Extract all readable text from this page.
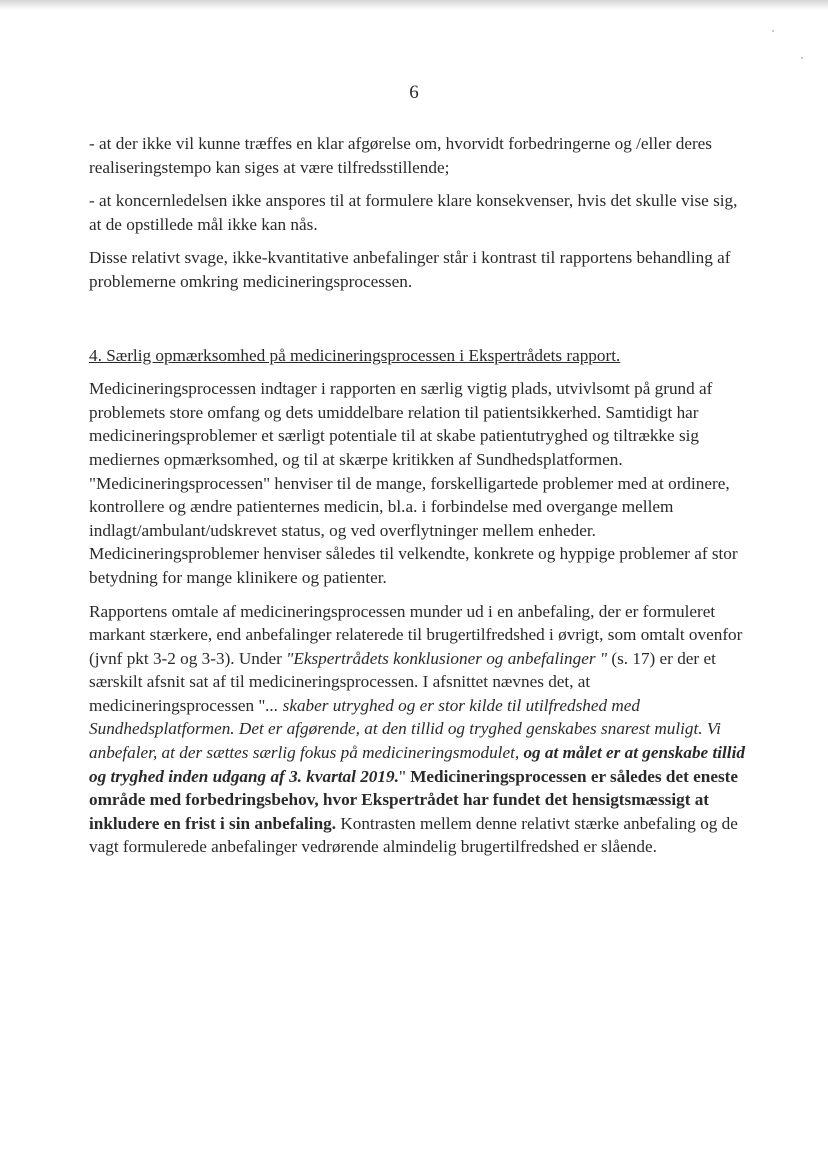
6

- at der ikke vil kunne træffes en klar afgørelse om, hvorvidt forbedringerne og /eller deres realiseringstempo kan siges at være tilfredsstillende;

- at koncernledelsen ikke anspores til at formulere klare konsekvenser, hvis det skulle vise sig, at de opstillede mål ikke kan nås.

Disse relativt svage, ikke-kvantitative anbefalinger står i kontrast til rapportens behandling af problemerne omkring medicineringsprocessen.

4. Særlig opmærksomhed på medicineringsprocessen i Ekspertrådets rapport.

Medicineringsprocessen indtager i rapporten en særlig vigtig plads, utvivlsomt på grund af problemets store omfang og dets umiddelbare relation til patientsikkerhed. Samtidigt har medicineringsproblemer et særligt potentiale til at skabe patientutryghed og tiltrække sig mediernes opmærksomhed, og til at skærpe kritikken af Sundhedsplatformen. "Medicineringsprocessen" henviser til de mange, forskelligartede problemer med at ordinere, kontrollere og ændre patienternes medicin, bl.a. i forbindelse med overgange mellem indlagt/ambulant/udskrevet status, og ved overflytninger mellem enheder. Medicineringsproblemer henviser således til velkendte, konkrete og hyppige problemer af stor betydning for mange klinikere og patienter.

Rapportens omtale af medicineringsprocessen munder ud i en anbefaling, der er formuleret markant stærkere, end anbefalinger relaterede til brugertilfredshed i øvrigt, som omtalt ovenfor (jvnf pkt 3-2 og 3-3). Under "Ekspertrådets konklusioner og anbefalinger " (s. 17) er der et særskilt afsnit sat af til medicineringsprocessen. I afsnittet nævnes det, at medicineringsprocessen "... skaber utryghed og er stor kilde til utilfredshed med Sundhedsplatformen. Det er afgørende, at den tillid og tryghed genskabes snarest muligt. Vi anbefaler, at der sættes særlig fokus på medicineringsmodulet, og at målet er at genskabe tillid og tryghed inden udgang af 3. kvartal 2019." Medicineringsprocessen er således det eneste område med forbedringsbehov, hvor Ekspertrådet har fundet det hensigtsmæssigt at inkludere en frist i sin anbefaling. Kontrasten mellem denne relativt stærke anbefaling og de vagt formulerede anbefalinger vedrørende almindelig brugertilfredshed er slående.
